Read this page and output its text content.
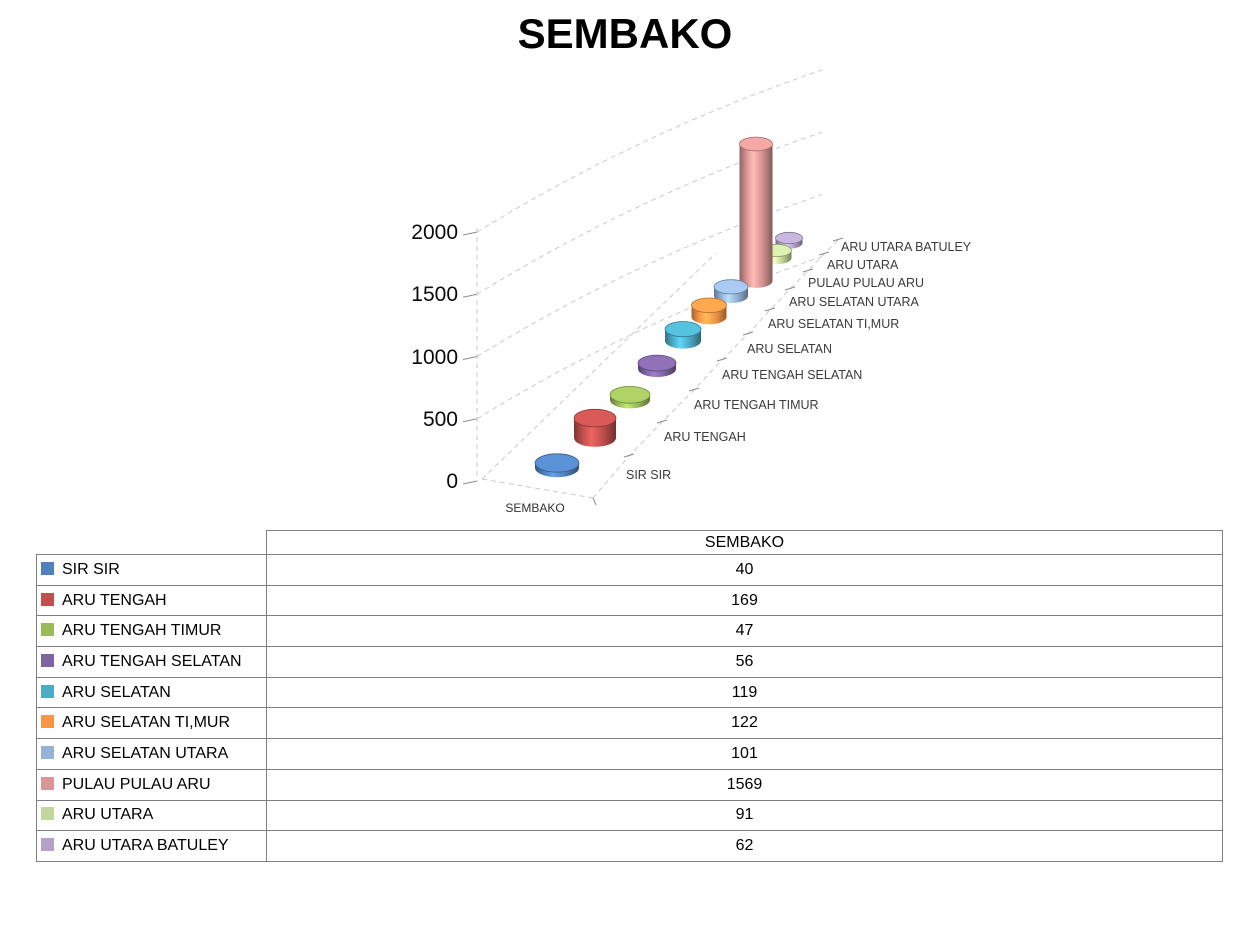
SEMBAKO
0
500
1000
1500
2000
SIR SIR
ARU TENGAH
ARU TENGAH TIMUR
ARU TENGAH SELATAN
ARU SELATAN
ARU SELATAN TI,MUR
ARU SELATAN UTARA
PULAU PULAU ARU
ARU UTARA
ARU UTARA BATULEY
SEMBAKO
	SEMBAKO
SIR SIR	40
ARU TENGAH	169
ARU TENGAH TIMUR	47
ARU TENGAH SELATAN	56
ARU SELATAN	119
ARU SELATAN TI,MUR	122
ARU SELATAN UTARA	101
PULAU PULAU ARU	1569
ARU UTARA	91
ARU UTARA BATULEY	62
